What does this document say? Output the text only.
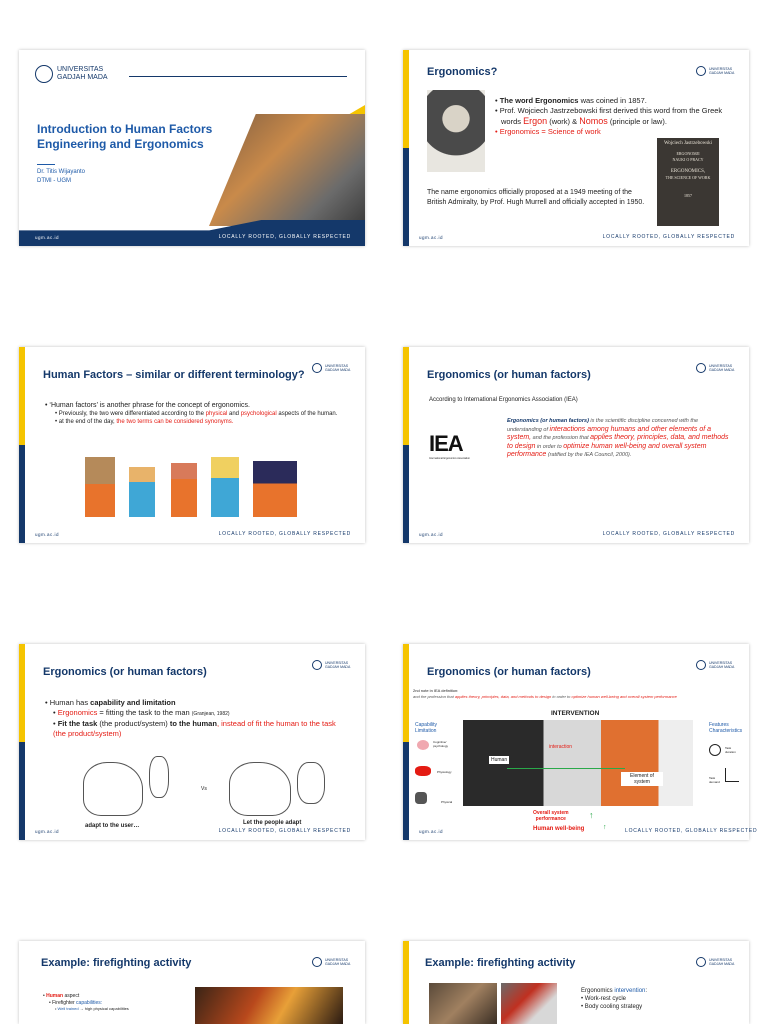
UNIVERSITAS
GADJAH MADA
Introduction to Human Factors Engineering and Ergonomics
Dr. Titis Wijayanto
DTMI - UGM
ugm.ac.id	LOCALLY ROOTED, GLOBALLY RESPECTED
Ergonomics?	UNIVERSITAS GADJAH MADA
• The word Ergonomics was coined in 1857.
• Prof. Wojciech Jastrzebowski first derived this word from the Greek words Ergon (work) & Nomos (principle or law).
• Ergonomics = Science of work
Wojciech Jastrzebowski
ERGONOMJI
NAUKI O PRACY
ERGONOMICS,
THE SCIENCE OF WORK
1857
The name ergonomics officially proposed at a 1949 meeting of the British Admiralty, by Prof. Hugh Murrell and officially accepted in 1950.
ugm.ac.id	LOCALLY ROOTED, GLOBALLY RESPECTED
Human Factors – similar or different terminology?
UNIVERSITAS GADJAH MADA
• ‘Human factors’ is another phrase for the concept of ergonomics.
• Previously, the two were differentiated according to the physical and psychological aspects of the human.
• at the end of the day, the two terms can be considered synonyms.
ugm.ac.id	LOCALLY ROOTED, GLOBALLY RESPECTED
Ergonomics (or human factors)
UNIVERSITAS GADJAH MADA
According to International Ergonomics Association (IEA)
IEA
International Ergonomics Association
Ergonomics (or human factors) is the scientific discipline concerned with the understanding of interactions among humans and other elements of a system, and the profession that applies theory, principles, data, and methods to design in order to optimize human well-being and overall system performance (ratified by the IEA Council, 2000).
ugm.ac.id	LOCALLY ROOTED, GLOBALLY RESPECTED
Ergonomics (or human factors)
UNIVERSITAS GADJAH MADA
• Human has capability and limitation
• Ergonomics = fitting the task to the man (Granjean, 1982)
• Fit the task (the product/system) to the human, instead of fit the human to the task (the product/system)
Vs
adapt to the user…	Let the people adapt
ugm.ac.id	LOCALLY ROOTED, GLOBALLY RESPECTED
Ergonomics (or human factors)
UNIVERSITAS GADJAH MADA
2nd note in IEA definition:
and the profession that applies theory, principles, data, and methods to design in order to optimize human well-being and overall system performance
INTERVENTION
Capability
Limitation
Features
Characteristics
Cognitive/ psychology
Physiology
Physical
Human
interaction
Element of system
Task duration
Task demand
Overall system
performance	↑
Human well-being	↑
ugm.ac.id	LOCALLY ROOTED, GLOBALLY RESPECTED
Example: firefighting activity	UNIVERSITAS GADJAH MADA
• Human aspect
• Firefighter capabilities:
• Well trained → high physical capabilities
Example: firefighting activity	UNIVERSITAS GADJAH MADA
Ergonomics intervention:
• Work-rest cycle
• Body cooling strategy
